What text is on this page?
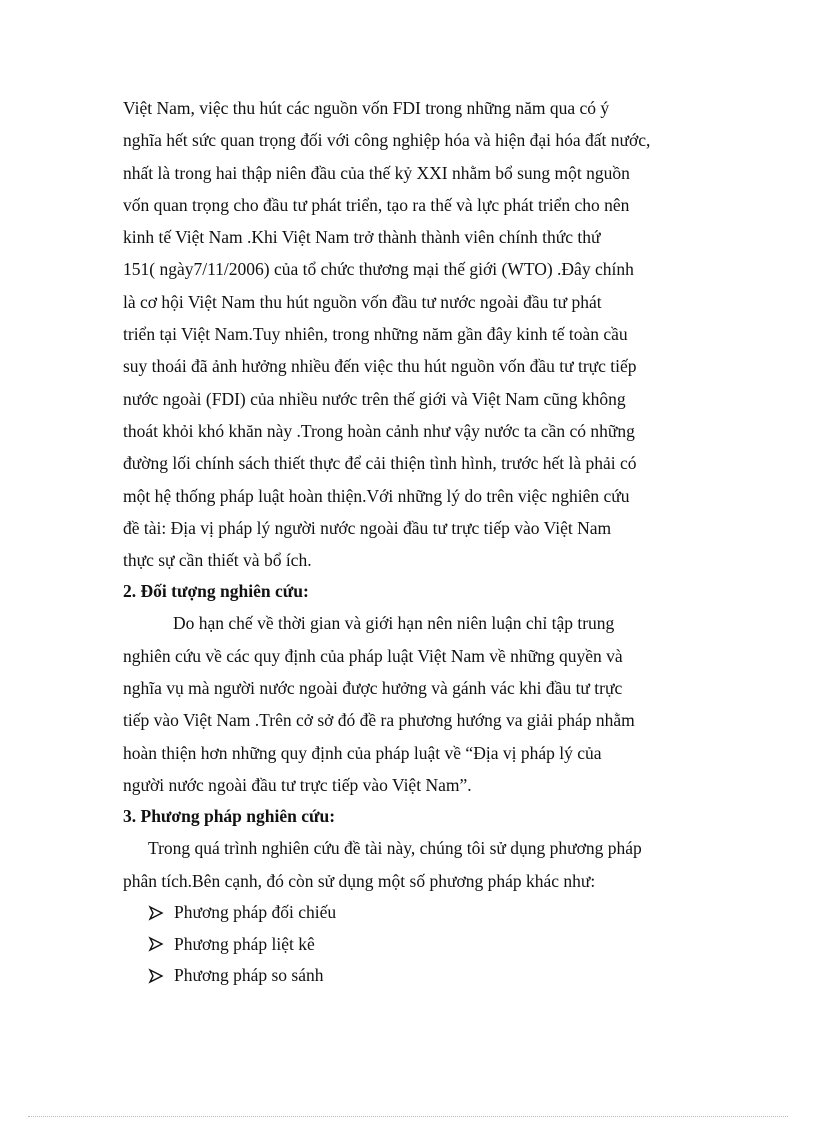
Việt Nam, việc thu hút các nguồn vốn FDI trong những năm qua có ý
nghĩa hết sức quan trọng đối với công nghiệp hóa và hiện đại hóa đất nước,
nhất là trong hai thập niên đầu của thế kỷ XXI nhằm bổ sung một nguồn
vốn quan trọng cho đầu tư phát triển, tạo ra thế và lực phát triển cho nên
kinh tế Việt Nam .Khi Việt Nam trở thành thành viên chính thức thứ
151( ngày7/11/2006) của tổ chức thương mại thế giới (WTO) .Đây chính
là cơ hội Việt Nam thu hút nguồn vốn đầu tư nước ngoài đầu tư phát
triển tại Việt Nam.Tuy nhiên, trong những năm gần đây kinh tế toàn cầu
suy thoái đã ảnh hưởng nhiều đến việc thu hút nguồn vốn đầu tư trực tiếp
nước ngoài (FDI) của nhiều nước trên thế giới và Việt Nam cũng không
thoát khỏi khó khăn này .Trong hoàn cảnh như vậy nước ta cần có những
đường lối chính sách thiết thực để cải thiện tình hình, trước hết là phải có
một hệ thống pháp luật hoàn thiện.Với những lý do trên việc nghiên cứu
đề tài: Địa vị pháp lý người nước ngoài đầu tư trực tiếp vào Việt Nam
thực sự cần thiết và bổ ích.
2. Đối tượng nghiên cứu:
Do hạn chế về thời gian và giới hạn nên niên luận chỉ tập trung
nghiên cứu về các quy định của pháp luật Việt Nam về những quyền và
nghĩa vụ mà người nước ngoài được hưởng và gánh vác khi đầu tư trực
tiếp vào Việt Nam .Trên cở sở đó đề ra phương hướng va giải pháp nhằm
hoàn thiện hơn những quy định của pháp luật về “Địa vị pháp lý của
người nước ngoài đầu tư trực tiếp vào Việt Nam”.
3. Phương pháp nghiên cứu:
Trong quá trình nghiên cứu đề tài này, chúng tôi sử dụng phương pháp
phân tích.Bên cạnh, đó còn sử dụng một số phương pháp khác như:
Phương pháp đối chiếu
Phương pháp liệt kê
Phương pháp so sánh
